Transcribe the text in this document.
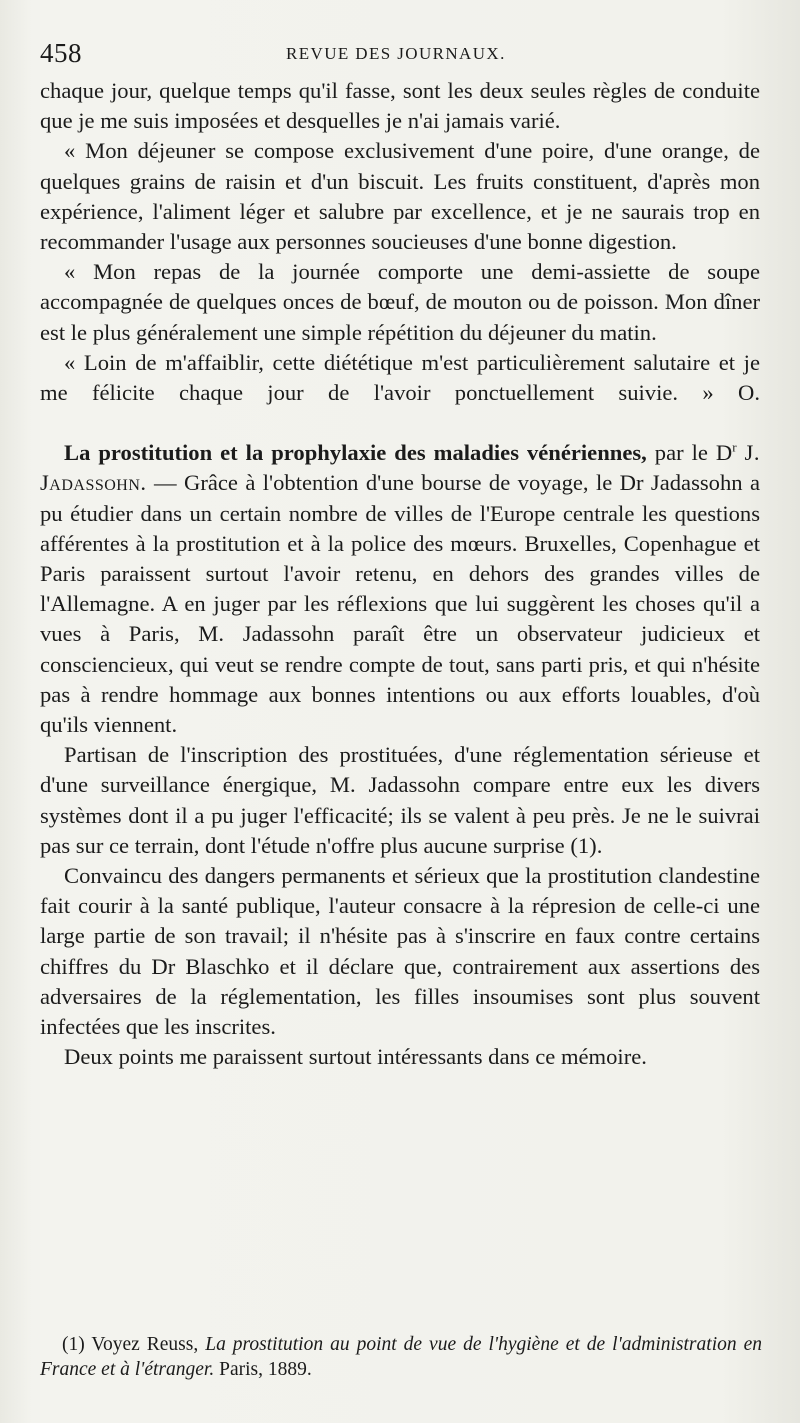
458	REVUE DES JOURNAUX.

chaque jour, quelque temps qu'il fasse, sont les deux seules règles de conduite que je me suis imposées et desquelles je n'ai jamais varié.

« Mon déjeuner se compose exclusivement d'une poire, d'une orange, de quelques grains de raisin et d'un biscuit. Les fruits constituent, d'après mon expérience, l'aliment léger et salubre par excellence, et je ne saurais trop en recommander l'usage aux personnes soucieuses d'une bonne digestion.

« Mon repas de la journée comporte une demi-assiette de soupe accompagnée de quelques onces de bœuf, de mouton ou de poisson. Mon dîner est le plus généralement une simple répétition du déjeuner du matin.

« Loin de m'affaiblir, cette diététique m'est particulièrement salutaire et je me félicite chaque jour de l'avoir ponctuellement suivie. » O.

La prostitution et la prophylaxie des maladies vénériennes, par le $D^r$ J. Jadassohn. — Grâce à l'obtention d'une bourse de voyage, le Dr Jadassohn a pu étudier dans un certain nombre de villes de l'Europe centrale les questions afférentes à la prostitution et à la police des mœurs. Bruxelles, Copenhague et Paris paraissent surtout l'avoir retenu, en dehors des grandes villes de l'Allemagne. A en juger par les réflexions que lui suggèrent les choses qu'il a vues à Paris, M. Jadassohn paraît être un observateur judicieux et consciencieux, qui veut se rendre compte de tout, sans parti pris, et qui n'hésite pas à rendre hommage aux bonnes intentions ou aux efforts louables, d'où qu'ils viennent.

Partisan de l'inscription des prostituées, d'une réglementation sérieuse et d'une surveillance énergique, M. Jadassohn compare entre eux les divers systèmes dont il a pu juger l'efficacité; ils se valent à peu près. Je ne le suivrai pas sur ce terrain, dont l'étude n'offre plus aucune surprise (1).

Convaincu des dangers permanents et sérieux que la prostitution clandestine fait courir à la santé publique, l'auteur consacre à la répresion de celle-ci une large partie de son travail; il n'hésite pas à s'inscrire en faux contre certains chiffres du Dr Blaschko et il déclare que, contrairement aux assertions des adversaires de la réglementation, les filles insoumises sont plus souvent infectées que les inscrites.

Deux points me paraissent surtout intéressants dans ce mémoire.

(1) Voyez Reuss, La prostitution au point de vue de l'hygiène et de l'administration en France et à l'étranger. Paris, 1889.
